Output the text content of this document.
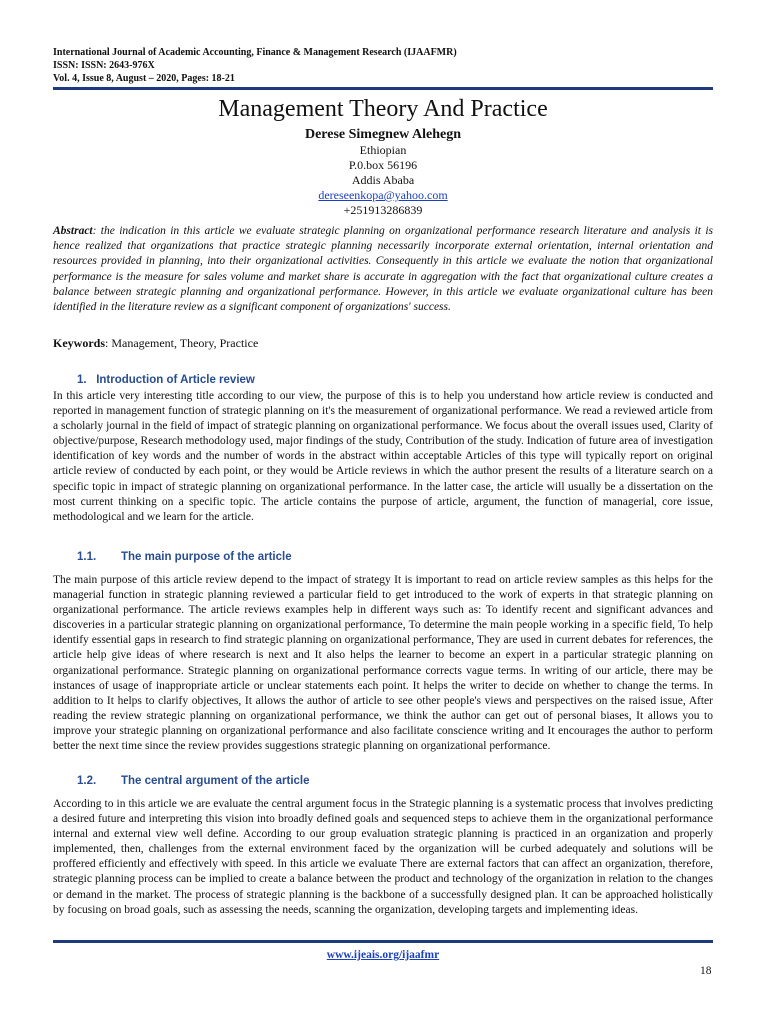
International Journal of Academic Accounting, Finance & Management Research (IJAAFMR)
ISSN: ISSN: 2643-976X
Vol. 4, Issue 8, August – 2020, Pages: 18-21
Management Theory And Practice
Derese Simegnew Alehegn
Ethiopian
P.0.box 56196
Addis Ababa
dereseenkopa@yahoo.com
+251913286839
Abstract: the indication in this article we evaluate strategic planning on organizational performance research literature and analysis it is hence realized that organizations that practice strategic planning necessarily incorporate external orientation, internal orientation and resources provided in planning, into their organizational activities. Consequently in this article we evaluate the notion that organizational performance is the measure for sales volume and market share is accurate in aggregation with the fact that organizational culture creates a balance between strategic planning and organizational performance. However, in this article we evaluate organizational culture has been identified in the literature review as a significant component of organizations' success.
Keywords: Management, Theory, Practice
1. Introduction of Article review
In this article very interesting title according to our view, the purpose of this is to help you understand how article review is conducted and reported in management function of strategic planning on it's the measurement of organizational performance. We read a reviewed article from a scholarly journal in the field of impact of strategic planning on organizational performance. We focus about the overall issues used, Clarity of objective/purpose, Research methodology used, major findings of the study, Contribution of the study. Indication of future area of investigation identification of key words and the number of words in the abstract within acceptable Articles of this type will typically report on original article review of conducted by each point, or they would be Article reviews in which the author present the results of a literature search on a specific topic in impact of strategic planning on organizational performance. In the latter case, the article will usually be a dissertation on the most current thinking on a specific topic. The article contains the purpose of article, argument, the function of managerial, core issue, methodological and we learn for the article.
1.1. The main purpose of the article
The main purpose of this article review depend to the impact of strategy It is important to read on article review samples as this helps for the managerial function in strategic planning reviewed a particular field to get introduced to the work of experts in that strategic planning on organizational performance. The article reviews examples help in different ways such as: To identify recent and significant advances and discoveries in a particular strategic planning on organizational performance, To determine the main people working in a specific field, To help identify essential gaps in research to find strategic planning on organizational performance, They are used in current debates for references, the article help give ideas of where research is next and It also helps the learner to become an expert in a particular strategic planning on organizational performance. Strategic planning on organizational performance corrects vague terms. In writing of our article, there may be instances of usage of inappropriate article or unclear statements each point. It helps the writer to decide on whether to change the terms. In addition to It helps to clarify objectives, It allows the author of article to see other people's views and perspectives on the raised issue, After reading the review strategic planning on organizational performance, we think the author can get out of personal biases, It allows you to improve your strategic planning on organizational performance and also facilitate conscience writing and It encourages the author to perform better the next time since the review provides suggestions strategic planning on organizational performance.
1.2. The central argument of the article
According to in this article we are evaluate the central argument focus in the Strategic planning is a systematic process that involves predicting a desired future and interpreting this vision into broadly defined goals and sequenced steps to achieve them in the organizational performance internal and external view well define. According to our group evaluation strategic planning is practiced in an organization and properly implemented, then, challenges from the external environment faced by the organization will be curbed adequately and solutions will be proffered efficiently and effectively with speed. In this article we evaluate There are external factors that can affect an organization, therefore, strategic planning process can be implied to create a balance between the product and technology of the organization in relation to the changes or demand in the market. The process of strategic planning is the backbone of a successfully designed plan. It can be approached holistically by focusing on broad goals, such as assessing the needs, scanning the organization, developing targets and implementing ideas.
www.ijeais.org/ijaafmr
18
